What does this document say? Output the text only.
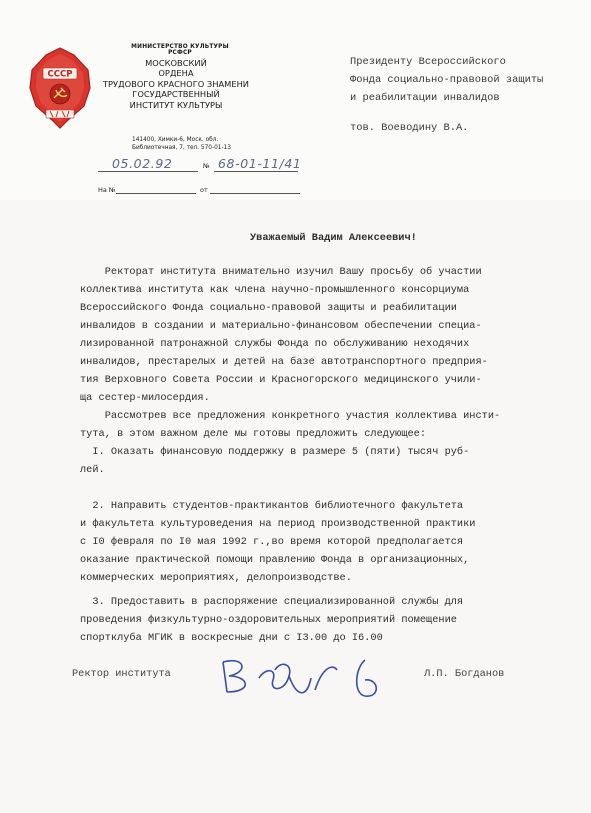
СССР
МИНИСТЕРСТВО КУЛЬТУРЫ РСФСР
МОСКОВСКИЙ
ОРДЕНА
ТРУДОВОГО КРАСНОГО ЗНАМЕНИ
ГОСУДАРСТВЕННЫЙ
ИНСТИТУТ КУЛЬТУРЫ
141400, Химки-6, Моск. обл.
Библиотечная, 7, тел. 570-01-13
05.02.92	№ 68-01-11/41
На №	от
Президенту Всероссийского
Фонда социально-правовой защиты
и реабилитации инвалидов
тов. Воеводину В.А.
Уважаемый Вадим Алексеевич!
Ректорат института внимательно изучил Вашу просьбу об участии
коллектива института как члена научно-промышленного консорциума
Всероссийского Фонда социально-правовой защиты и реабилитации
инвалидов в создании и материально-финансовом обеспечении специа-
лизированной патронажной службы Фонда по обслуживанию неходячих
инвалидов, престарелых и детей на базе автотранспортного предприя-
тия Верховного Совета России и Красногорского медицинского учили-
ща сестер-милосердия.
Рассмотрев все предложения конкретного участия коллектива инсти-
тута, в этом важном деле мы готовы предложить следующее:
I. Оказать финансовую поддержку в размере 5 (пяти) тысяч руб-
лей.
2. Направить студентов-практикантов библиотечного факультета
и факультета культуроведения на период производственной практики
с I0 февраля по I0 мая 1992 г.,во время которой предполагается
оказание практической помощи правлению Фонда в организационных,
коммерческих мероприятиях, делопроизводстве.
3. Предоставить в распоряжение специализированной службы для
проведения физкультурно-оздоровительных мероприятий помещение
спортклуба МГИК в воскресные дни с I3.00 до I6.00
Ректор института	Л.П. Богданов
